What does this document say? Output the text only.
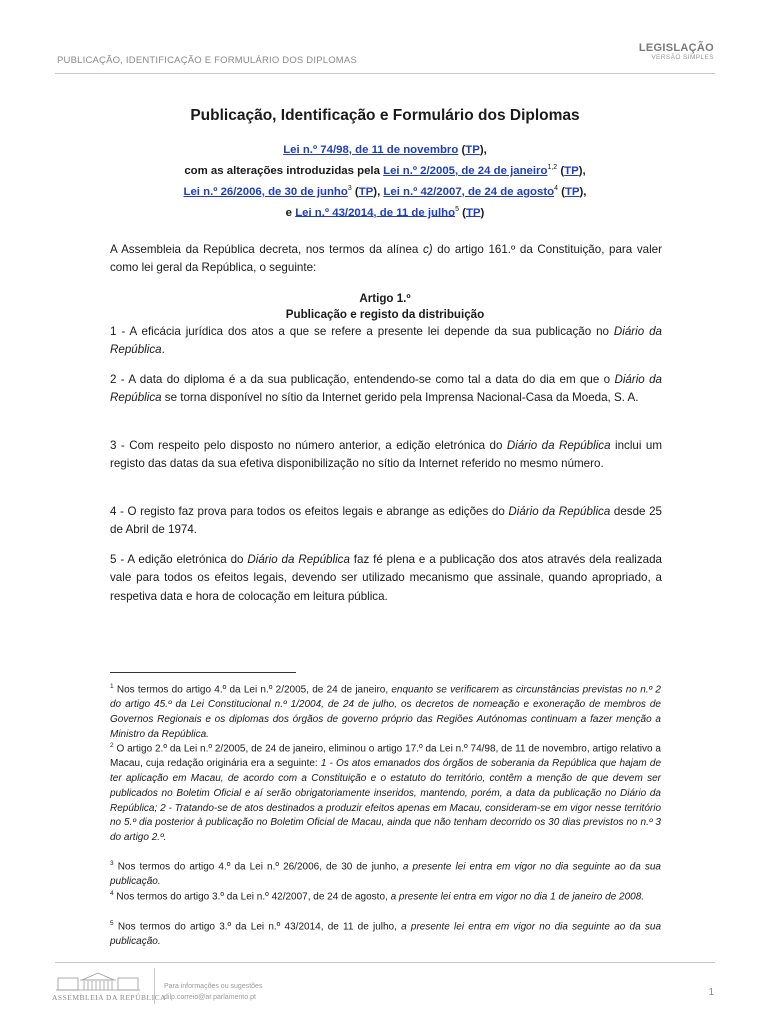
PUBLICAÇÃO, IDENTIFICAÇÃO E FORMULÁRIO DOS DIPLOMAS
LEGISLAÇÃO
VERSÃO SIMPLES
Publicação, Identificação e Formulário dos Diplomas
Lei n.º 74/98, de 11 de novembro (TP),
com as alterações introduzidas pela Lei n.º 2/2005, de 24 de janeiro$^{1,2}$ (TP),
Lei n.º 26/2006, de 30 de junho$^3$ (TP), Lei n.º 42/2007, de 24 de agosto$^4$ (TP),
e Lei n.º 43/2014, de 11 de julho$^5$ (TP)
A Assembleia da República decreta, nos termos da alínea c) do artigo 161.º da Constituição, para valer como lei geral da República, o seguinte:
Artigo 1.º
Publicação e registo da distribuição
1 - A eficácia jurídica dos atos a que se refere a presente lei depende da sua publicação no Diário da República.
2 - A data do diploma é a da sua publicação, entendendo-se como tal a data do dia em que o Diário da República se torna disponível no sítio da Internet gerido pela Imprensa Nacional-Casa da Moeda, S. A.
3 - Com respeito pelo disposto no número anterior, a edição eletrónica do Diário da República inclui um registo das datas da sua efetiva disponibilização no sítio da Internet referido no mesmo número.
4 - O registo faz prova para todos os efeitos legais e abrange as edições do Diário da República desde 25 de Abril de 1974.
5 - A edição eletrónica do Diário da República faz fé plena e a publicação dos atos através dela realizada vale para todos os efeitos legais, devendo ser utilizado mecanismo que assinale, quando apropriado, a respetiva data e hora de colocação em leitura pública.
$^1$ Nos termos do artigo 4.º da Lei n.º 2/2005, de 24 de janeiro, enquanto se verificarem as circunstâncias previstas no n.º 2 do artigo 45.º da Lei Constitucional n.º 1/2004, de 24 de julho, os decretos de nomeação e exoneração de membros de Governos Regionais e os diplomas dos órgãos de governo próprio das Regiões Autónomas continuam a fazer menção a Ministro da República.
$^2$ O artigo 2.º da Lei n.º 2/2005, de 24 de janeiro, eliminou o artigo 17.º da Lei n.º 74/98, de 11 de novembro, artigo relativo a Macau, cuja redação originária era a seguinte: 1 - Os atos emanados dos órgãos de soberania da República que hajam de ter aplicação em Macau, de acordo com a Constituição e o estatuto do território, contêm a menção de que devem ser publicados no Boletim Oficial e aí serão obrigatoriamente inseridos, mantendo, porém, a data da publicação no Diário da República; 2 - Tratando-se de atos destinados a produzir efeitos apenas em Macau, consideram-se em vigor nesse território no 5.º dia posterior à publicação no Boletim Oficial de Macau, ainda que não tenham decorrido os 30 dias previstos no n.º 3 do artigo 2.º.
$^3$ Nos termos do artigo 4.º da Lei n.º 26/2006, de 30 de junho, a presente lei entra em vigor no dia seguinte ao da sua publicação.
$^4$ Nos termos do artigo 3.º da Lei n.º 42/2007, de 24 de agosto, a presente lei entra em vigor no dia 1 de janeiro de 2008.
$^5$ Nos termos do artigo 3.º da Lei n.º 43/2014, de 11 de julho, a presente lei entra em vigor no dia seguinte ao da sua publicação.
ASSEMBLEIA DA REPÚBLICA
Para informações ou sugestões
dilp.correio@ar.parlamento.pt	1
